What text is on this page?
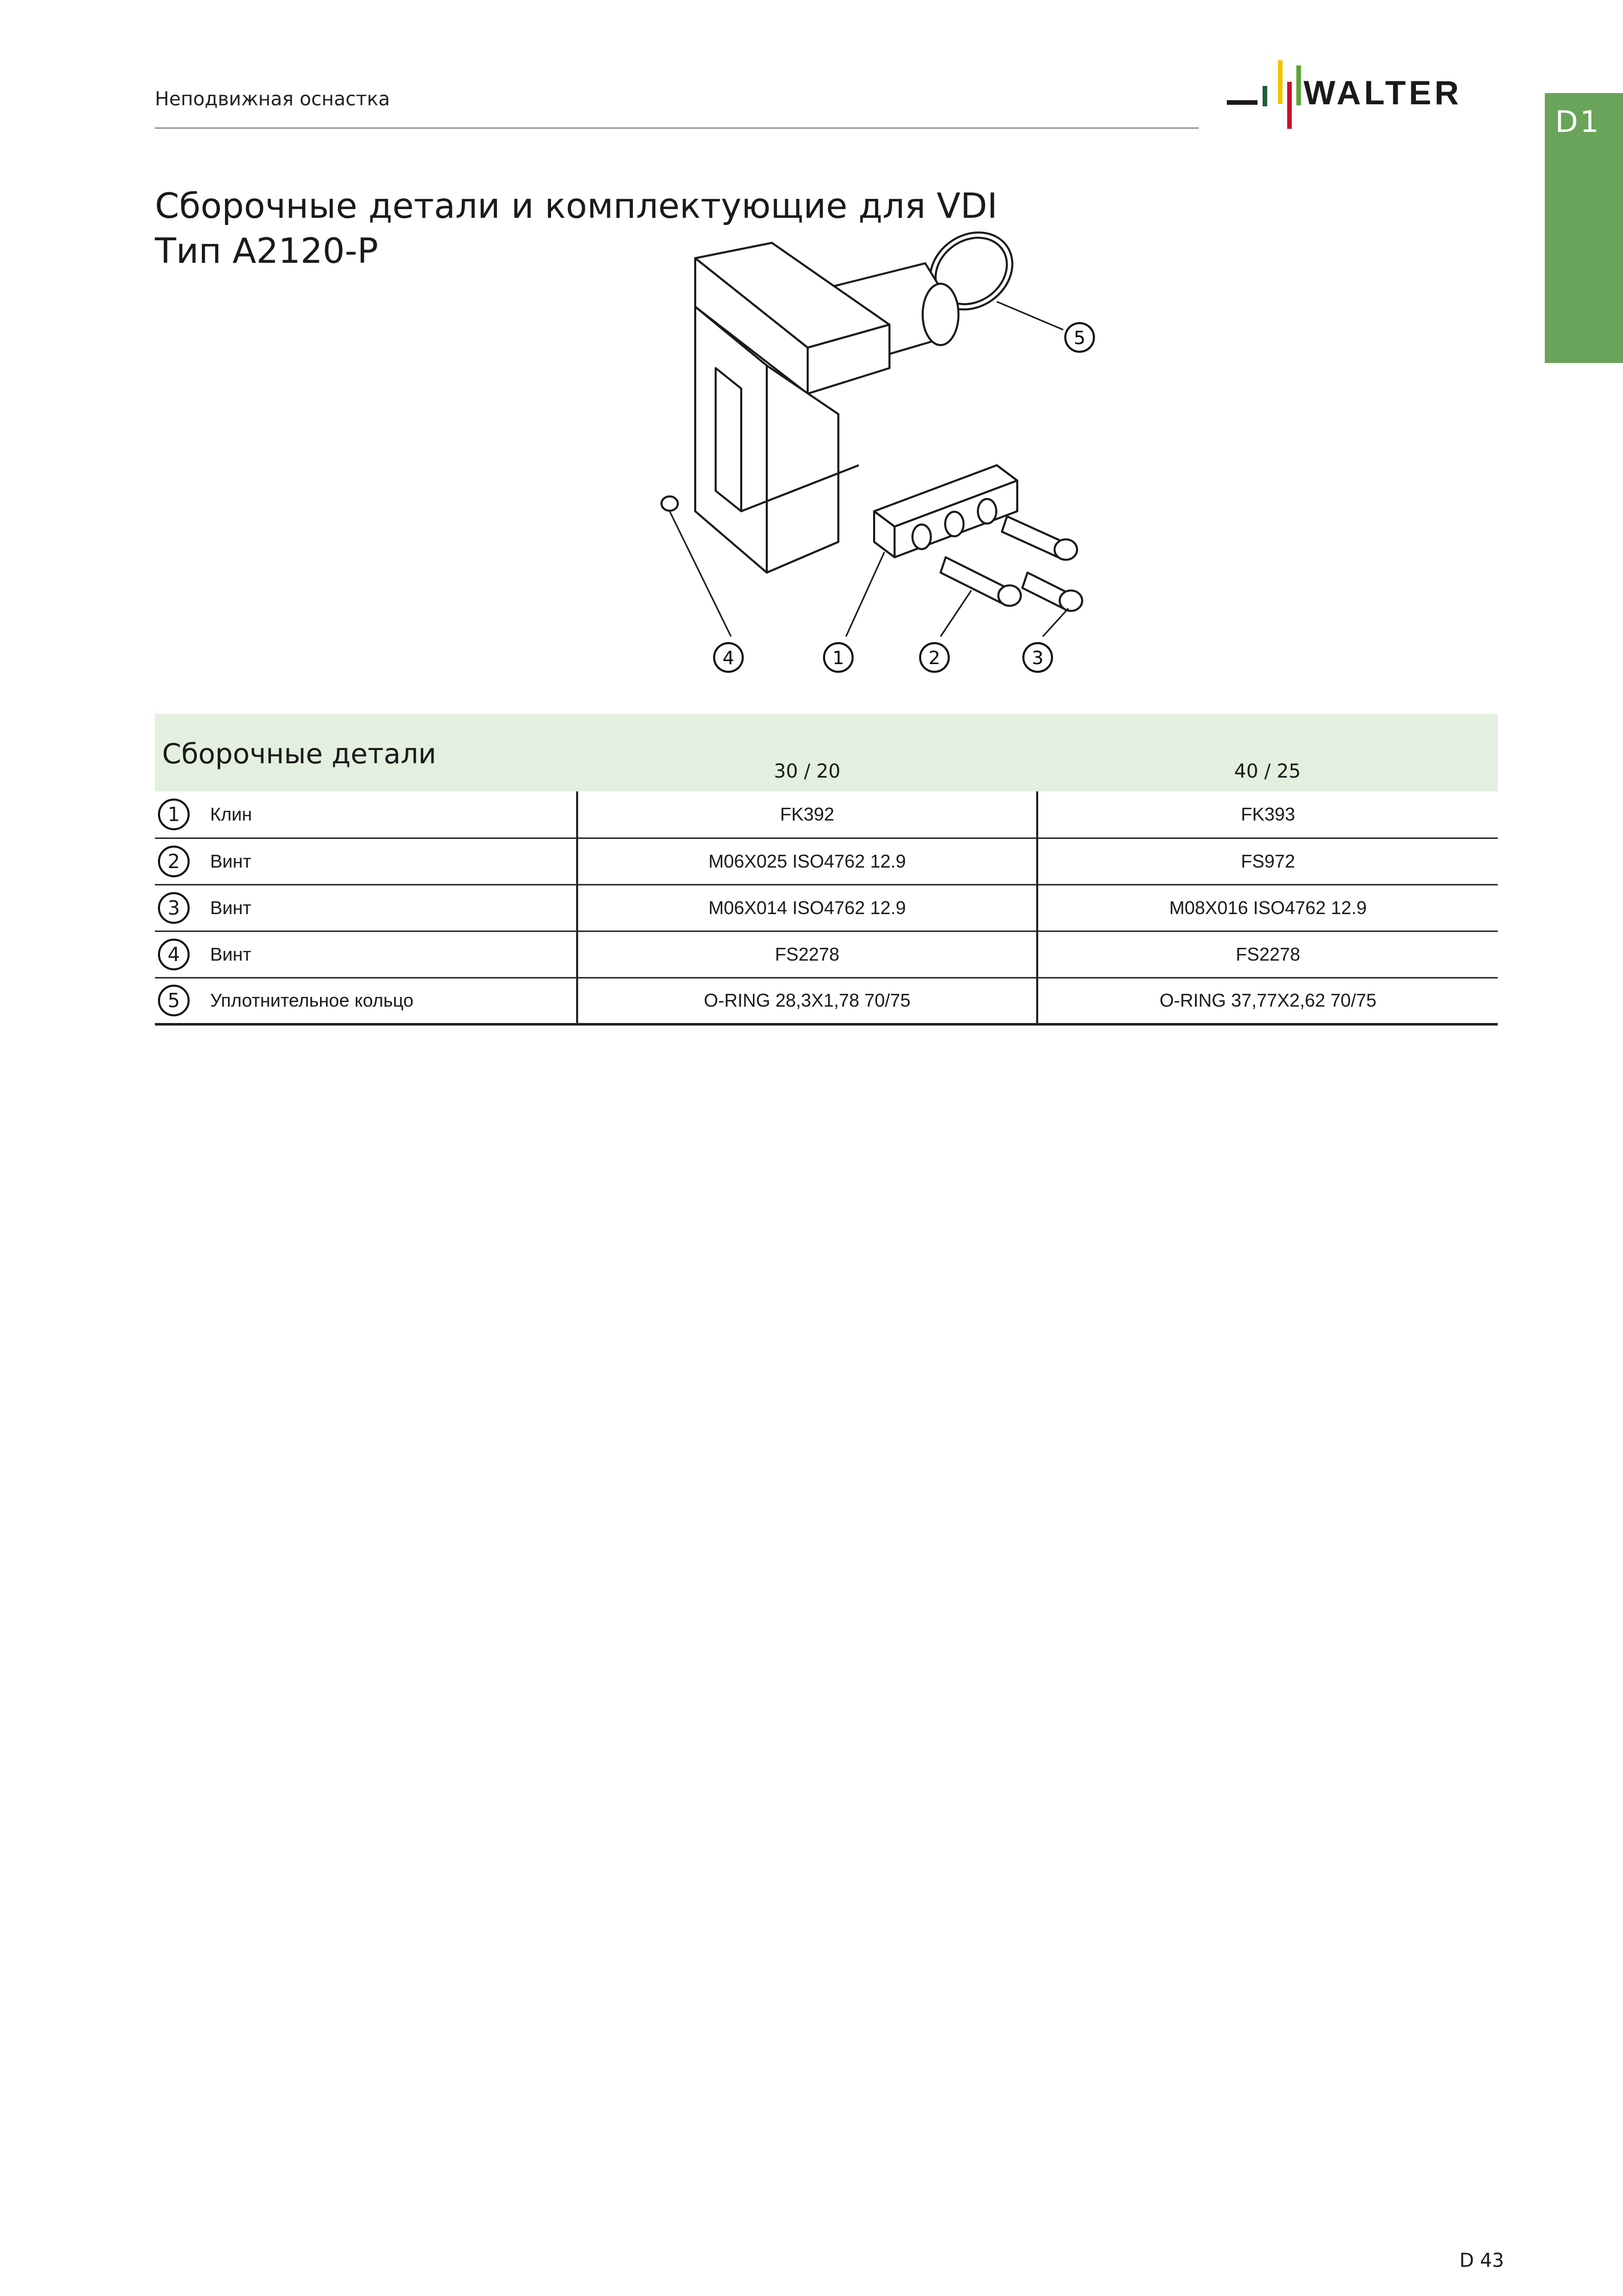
Неподвижная оснастка	WALTER
D1
Сборочные детали и комплектующие для VDI
Тип A2120-P
5
4	1	2	3
Сборочные детали	30 / 20	40 / 25
1 Клин	FK392	FK393
2 Винт	M06X025 ISO4762 12.9	FS972
3 Винт	M06X014 ISO4762 12.9	M08X016 ISO4762 12.9
4 Винт	FS2278	FS2278
5 Уплотнительное кольцо	O-RING 28,3X1,78 70/75	O-RING 37,77X2,62 70/75
D 43
